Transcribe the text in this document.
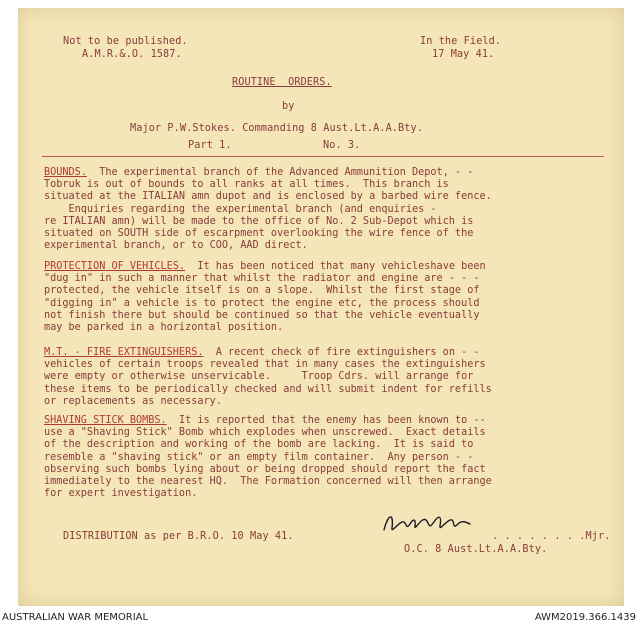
Not to be published.
A.M.R.&.O. 1587.
In the Field.
17 May 41.
ROUTINE  ORDERS.
by
Major P.W.Stokes. Commanding 8 Aust.Lt.A.A.Bty.
Part 1.	No. 3.
BOUNDS. The experimental branch of the Advanced Ammunition Depot, - -
Tobruk is out of bounds to all ranks at all times.  This branch is
situated at the ITALIAN amn dupot and is enclosed by a barbed wire fence.
Enquiries regarding the experimental branch (and enquiries -
re ITALIAN amn) will be made to the office of No. 2 Sub-Depot which is
situated on SOUTH side of escarpment overlooking the wire fence of the
experimental branch, or to COO, AAD direct.
PROTECTION OF VEHICLES. It has been noticed that many vehicleshave been
"dug in" in such a manner that whilst the radiator and engine are - - -
protected, the vehicle itself is on a slope.  Whilst the first stage of
"digging in" a vehicle is to protect the engine etc, the process should
not finish there but should be continued so that the vehicle eventually
may be parked in a horizontal position.
M.T. - FIRE EXTINGUISHERS. A recent check of fire extinguishers on - -
vehicles of certain troops revealed that in many cases the extinguishers
were empty or otherwise unservicable.     Troop Cdrs. will arrange for
these items to be periodically checked and will submit indent for refills
or replacements as necessary.
SHAVING STICK BOMBS. It is reported that the enemy has been known to --
use a "Shaving Stick" Bomb which explodes when unscrewed.  Exact details
of the description and working of the bomb are lacking.  It is said to
resemble a "shaving stick" or an empty film container.  Any person - -
observing such bombs lying about or being dropped should report the fact
immediately to the nearest HQ.  The Formation concerned will then arrange
for expert investigation.
DISTRIBUTION as per B.R.O. 10 May 41.	. . . . . . . .Mjr.
O.C. 8 Aust.Lt.A.A.Bty.
AUSTRALIAN WAR MEMORIAL	AWM2019.366.1439
